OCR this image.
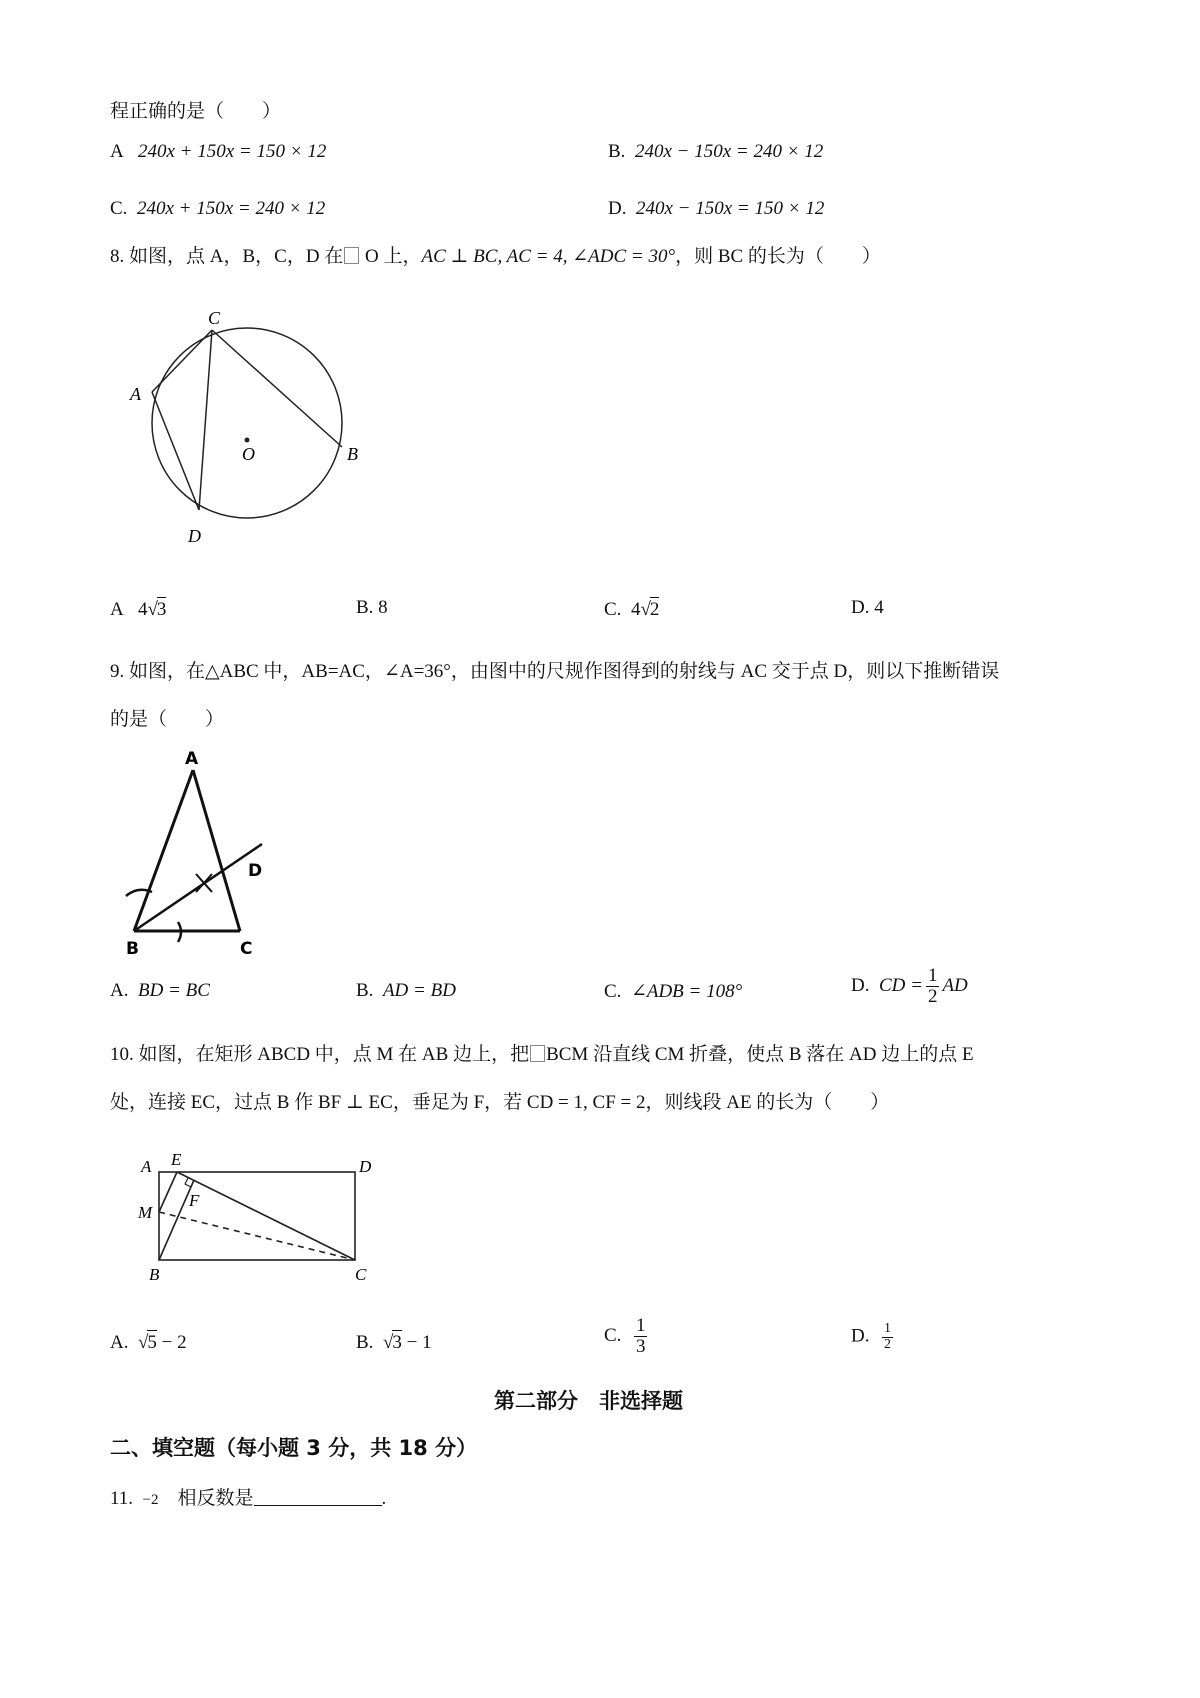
程正确的是（　　）
A 240x + 150x = 150 × 12	B. 240x − 150x = 240 × 12
C. 240x + 150x = 240 × 12	D. 240x − 150x = 150 × 12
8. 如图，点 A，B，C，D 在 O 上，AC ⊥ BC, AC = 4, ∠ADC = 30°，则 BC 的长为（　　）
C
A
O	B
D
A 4√3	B. 8	C. 4√2	D. 4
9. 如图，在△ABC 中，AB=AC，∠A=36°，由图中的尺规作图得到的射线与 AC 交于点 D，则以下推断错误
的是（　　）
A
D
B	C
A. BD = BC	B. AD = BD	C. ∠ADB = 108°	D. CD = $\frac{1}{2}$ AD
10. 如图，在矩形 ABCD 中，点 M 在 AB 边上，把 BCM 沿直线 CM 折叠，使点 B 落在 AD 边上的点 E
处，连接 EC，过点 B 作 BF ⊥ EC，垂足为 F，若 CD = 1, CF = 2，则线段 AE 的长为（　　）
A E	D
M
F
B	C
A.  √5 − 2	B.  √3 − 1	C. $\frac{1}{3}$	D. $\frac{1}{2}$
第二部分　非选择题
二、填空题（每小题 3 分，共 18 分）
11. −2 相反数是	.
